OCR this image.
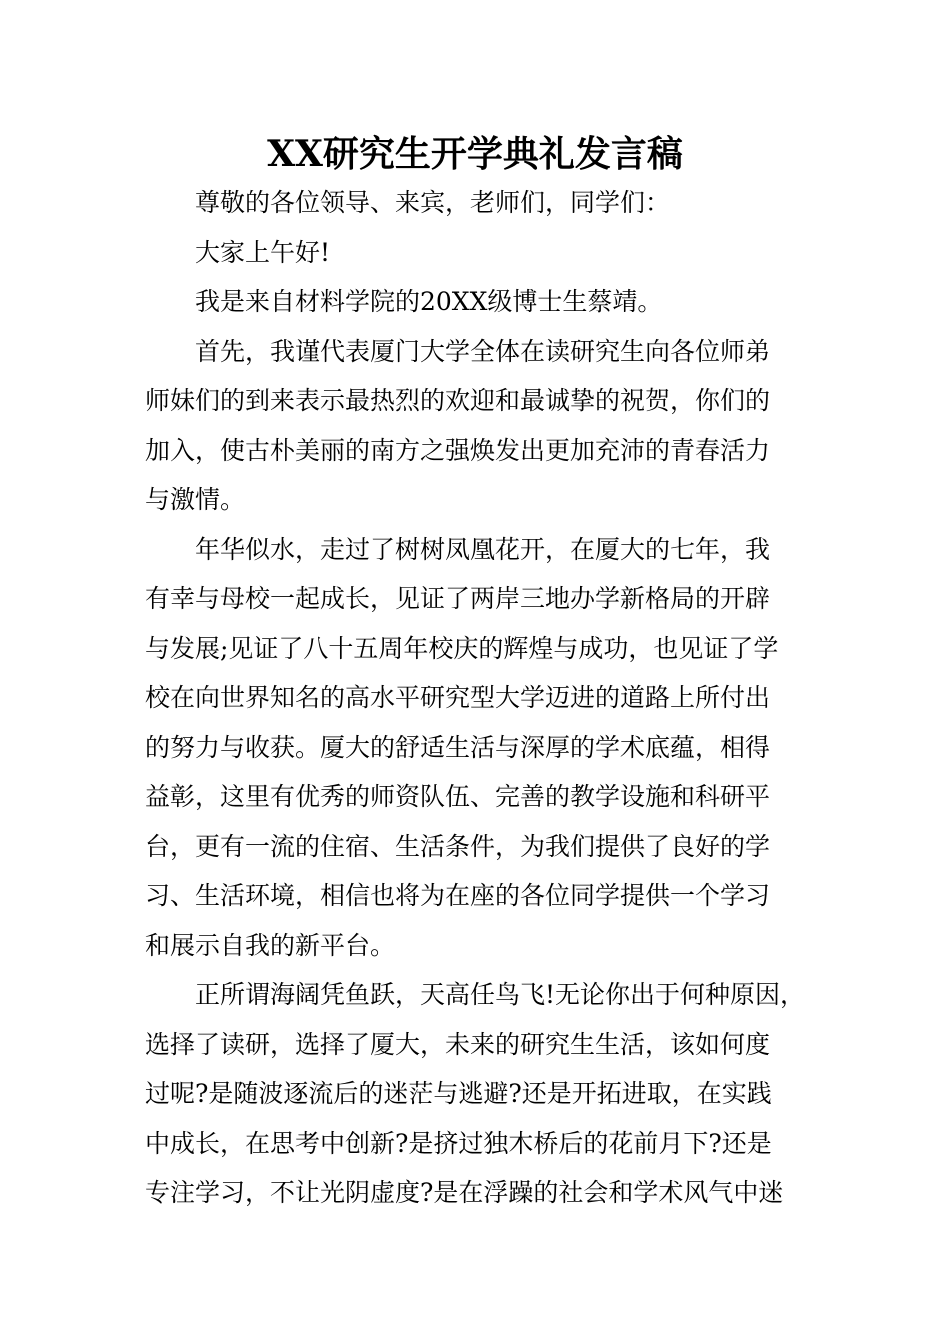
XX研究生开学典礼发言稿
尊敬的各位领导、来宾，老师们，同学们：
大家上午好!
我是来自材料学院的20XX级博士生蔡靖。
首先，我谨代表厦门大学全体在读研究生向各位师弟
师妹们的到来表示最热烈的欢迎和最诚挚的祝贺，你们的
加入，使古朴美丽的南方之强焕发出更加充沛的青春活力
与激情。
年华似水，走过了树树凤凰花开，在厦大的七年，我
有幸与母校一起成长，见证了两岸三地办学新格局的开辟
与发展;见证了八十五周年校庆的辉煌与成功，也见证了学
校在向世界知名的高水平研究型大学迈进的道路上所付出
的努力与收获。厦大的舒适生活与深厚的学术底蕴，相得
益彰，这里有优秀的师资队伍、完善的教学设施和科研平
台，更有一流的住宿、生活条件，为我们提供了良好的学
习、生活环境，相信也将为在座的各位同学提供一个学习
和展示自我的新平台。
正所谓海阔凭鱼跃，天高任鸟飞!无论你出于何种原因，
选择了读研，选择了厦大，未来的研究生生活，该如何度
过呢?是随波逐流后的迷茫与逃避?还是开拓进取，在实践
中成长，在思考中创新?是挤过独木桥后的花前月下?还是
专注学习，不让光阴虚度?是在浮躁的社会和学术风气中迷
